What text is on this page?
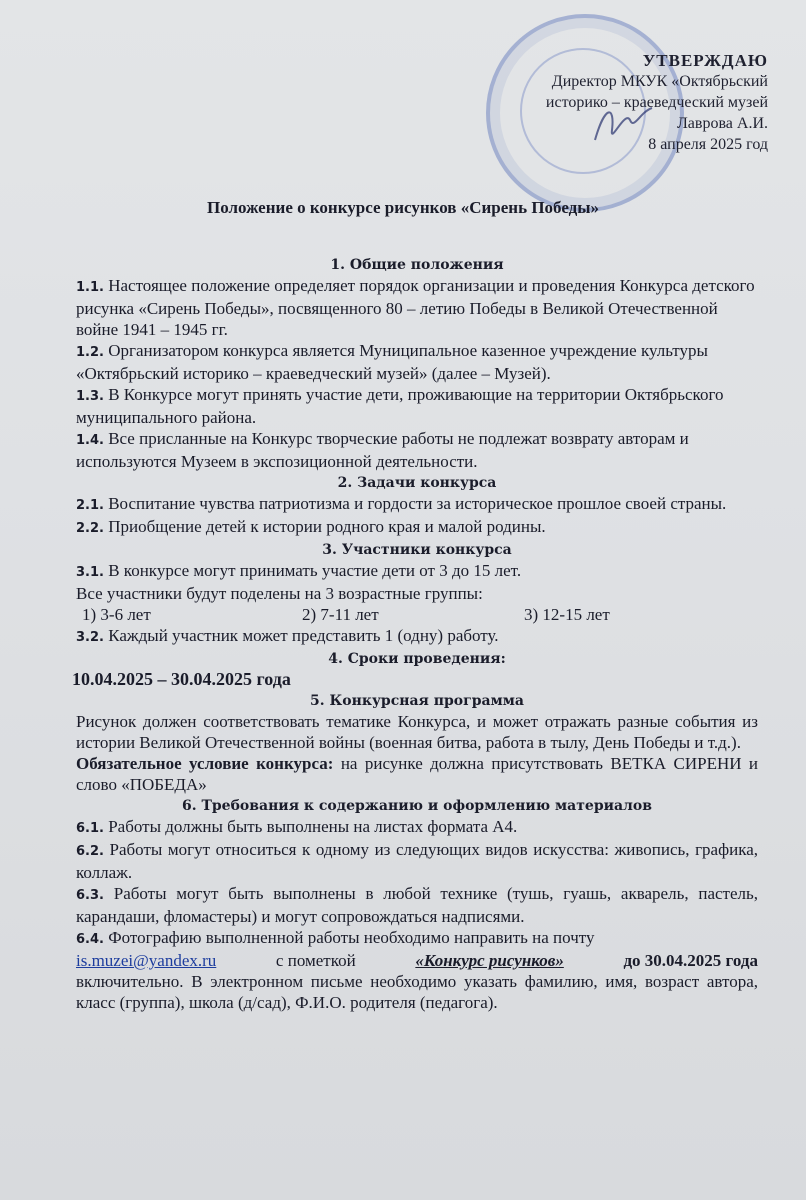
УТВЕРЖДАЮ
Директор МКУК «Октябрьский
историко – краеведческий музей
Лаврова А.И.
8 апреля 2025 год
Положение о конкурсе рисунков «Сирень Победы»
1. Общие положения

1.1. Настоящее положение определяет порядок организации и проведения Конкурса детского рисунка «Сирень Победы», посвященного 80 – летию Победы в Великой Отечественной войне 1941 – 1945 гг.

1.2. Организатором конкурса является Муниципальное казенное учреждение культуры «Октябрьский историко – краеведческий музей» (далее – Музей).

1.3. В Конкурсе могут принять участие дети, проживающие на территории Октябрьского муниципального района.

1.4. Все присланные на Конкурс творческие работы не подлежат возврату авторам и используются Музеем в экспозиционной деятельности.

2. Задачи конкурса

2.1. Воспитание чувства патриотизма и гордости за историческое прошлое своей страны.

2.2. Приобщение детей к истории родного края и малой родины.

3. Участники конкурса

3.1. В конкурсе могут принимать участие дети от 3 до 15 лет.

Все участники будут поделены на 3 возрастные группы:

1) 3-6 лет	2) 7-11 лет	3) 12-15 лет

3.2. Каждый участник может представить 1 (одну) работу.

4. Сроки проведения:

10.04.2025 – 30.04.2025 года

5. Конкурсная программа

Рисунок должен соответствовать тематике Конкурса, и может отражать разные события из истории Великой Отечественной войны (военная битва, работа в тылу, День Победы и т.д.).

Обязательное условие конкурса: на рисунке должна присутствовать ВЕТКА СИРЕНИ и слово «ПОБЕДА»

6. Требования к содержанию и оформлению материалов

6.1. Работы должны быть выполнены на листах формата А4.

6.2. Работы могут относиться к одному из следующих видов искусства: живопись, графика, коллаж.

6.3. Работы могут быть выполнены в любой технике (тушь, гуашь, акварель, пастель, карандаши, фломастеры) и могут сопровождаться надписями.

6.4. Фотографию выполненной работы необходимо направить на почту

is.muzei@yandex.ru	с пометкой	«Конкурс рисунков»	до 30.04.2025 года

включительно. В электронном письме необходимо указать фамилию, имя, возраст автора, класс (группа), школа (д/сад), Ф.И.О. родителя (педагога).
